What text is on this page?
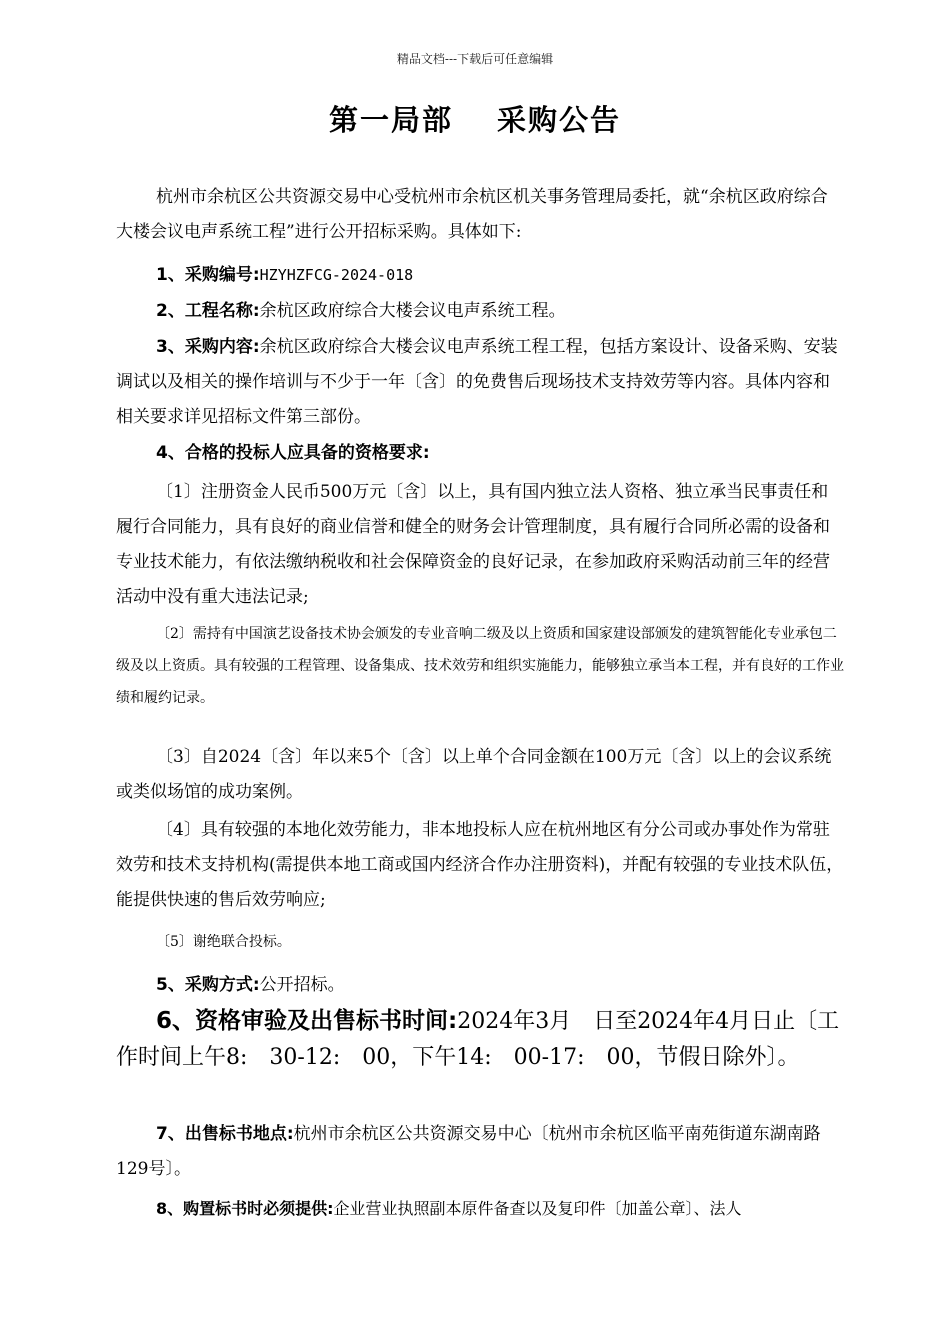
精品文档---下载后可任意编辑
第一局部 采购公告
杭州市余杭区公共资源交易中心受杭州市余杭区机关事务管理局委托，就“余杭区政府综合大楼会议电声系统工程”进行公开招标采购。具体如下:
1、采购编号:HZYHZFCG-2024-018
2、工程名称:余杭区政府综合大楼会议电声系统工程。
3、采购内容:余杭区政府综合大楼会议电声系统工程工程，包括方案设计、设备采购、安装调试以及相关的操作培训与不少于一年〔含〕的免费售后现场技术支持效劳等内容。具体内容和相关要求详见招标文件第三部份。
4、合格的投标人应具备的资格要求:
〔1〕注册资金人民币500万元〔含〕以上，具有国内独立法人资格、独立承当民事责任和履行合同能力，具有良好的商业信誉和健全的财务会计管理制度，具有履行合同所必需的设备和专业技术能力，有依法缴纳税收和社会保障资金的良好记录，在参加政府采购活动前三年的经营活动中没有重大违法记录;
〔2〕需持有中国演艺设备技术协会颁发的专业音响二级及以上资质和国家建设部颁发的建筑智能化专业承包二级及以上资质。具有较强的工程管理、设备集成、技术效劳和组织实施能力，能够独立承当本工程，并有良好的工作业绩和履约记录。
〔3〕自2024〔含〕年以来5个〔含〕以上单个合同金额在100万元〔含〕以上的会议系统或类似场馆的成功案例。
〔4〕具有较强的本地化效劳能力，非本地投标人应在杭州地区有分公司或办事处作为常驻效劳和技术支持机构(需提供本地工商或国内经济合作办注册资料)，并配有较强的专业技术队伍，能提供快速的售后效劳响应;
〔5〕谢绝联合投标。
5、采购方式:公开招标。
6、资格审验及出售标书时间:2024年3月　日至2024年4月日止〔工作时间上午8:　30-12:　00，下午14:　00-17:　00，节假日除外〕。
7、出售标书地点:杭州市余杭区公共资源交易中心〔杭州市余杭区临平南苑街道东湖南路129号〕。
8、购置标书时必须提供:企业营业执照副本原件备查以及复印件〔加盖公章〕、法人
